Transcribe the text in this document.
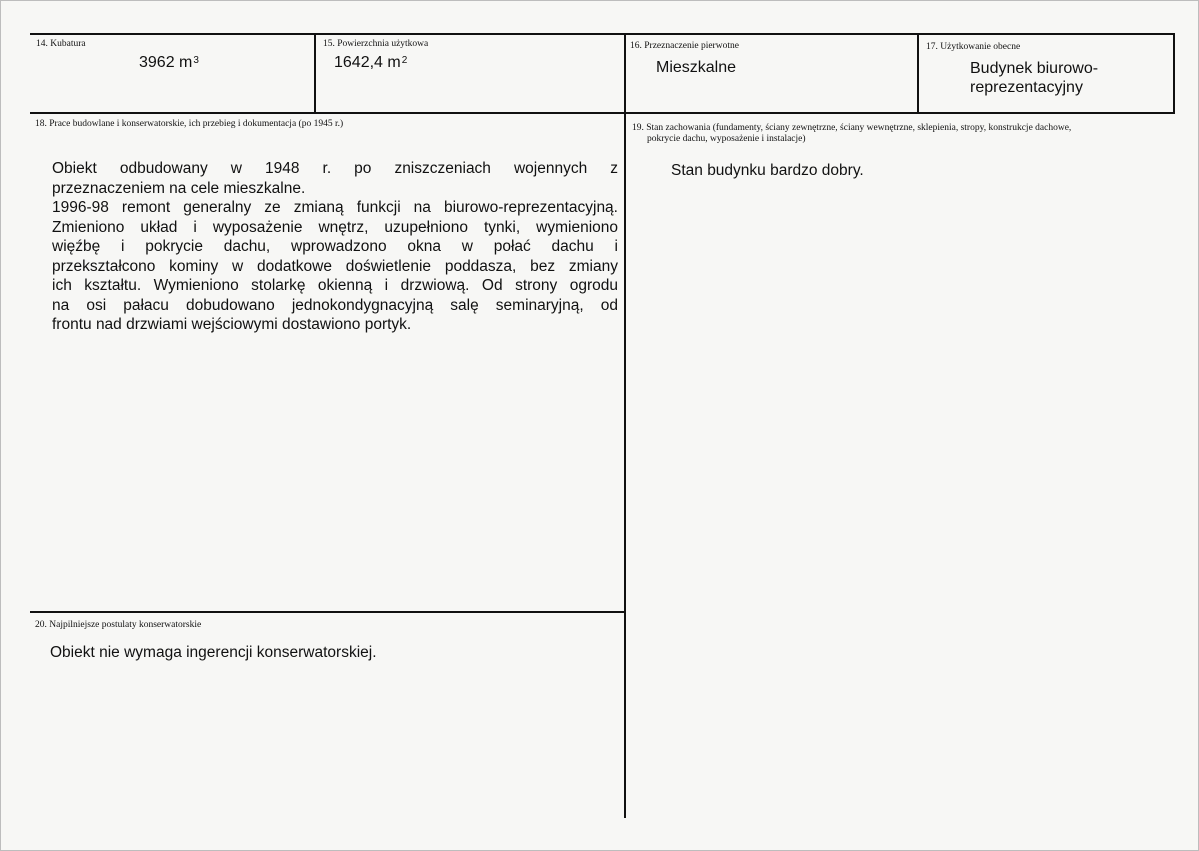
14. Kubatura
3962 $m^3$
15. Powierzchnia użytkowa
1642,4 $m^2$
16. Przeznaczenie pierwotne
Mieszkalne
17. Użytkowanie obecne
Budynek biurowo-
reprezentacyjny
18. Prace budowlane i konserwatorskie, ich przebieg i dokumentacja (po 1945 r.)

Obiekt odbudowany w 1948 r. po zniszczeniach wojennych z

przeznaczeniem na cele mieszkalne.

1996-98 remont generalny ze zmianą funkcji na biurowo-reprezentacyjną.

Zmieniono układ i wyposażenie wnętrz, uzupełniono tynki, wymieniono

więźbę i pokrycie dachu, wprowadzono okna w połać dachu i

przekształcono kominy w dodatkowe doświetlenie poddasza, bez zmiany

ich kształtu. Wymieniono stolarkę okienną i drzwiową. Od strony ogrodu

na osi pałacu dobudowano jednokondygnacyjną salę seminaryjną, od

frontu nad drzwiami wejściowymi dostawiono portyk.

19. Stan zachowania (fundamenty, ściany zewnętrzne, ściany wewnętrzne, sklepienia, stropy, konstrukcje dachowe,
pokrycie dachu, wyposażenie i instalacje)
Stan budynku bardzo dobry.
20. Najpilniejsze postulaty konserwatorskie
Obiekt nie wymaga ingerencji konserwatorskiej.
